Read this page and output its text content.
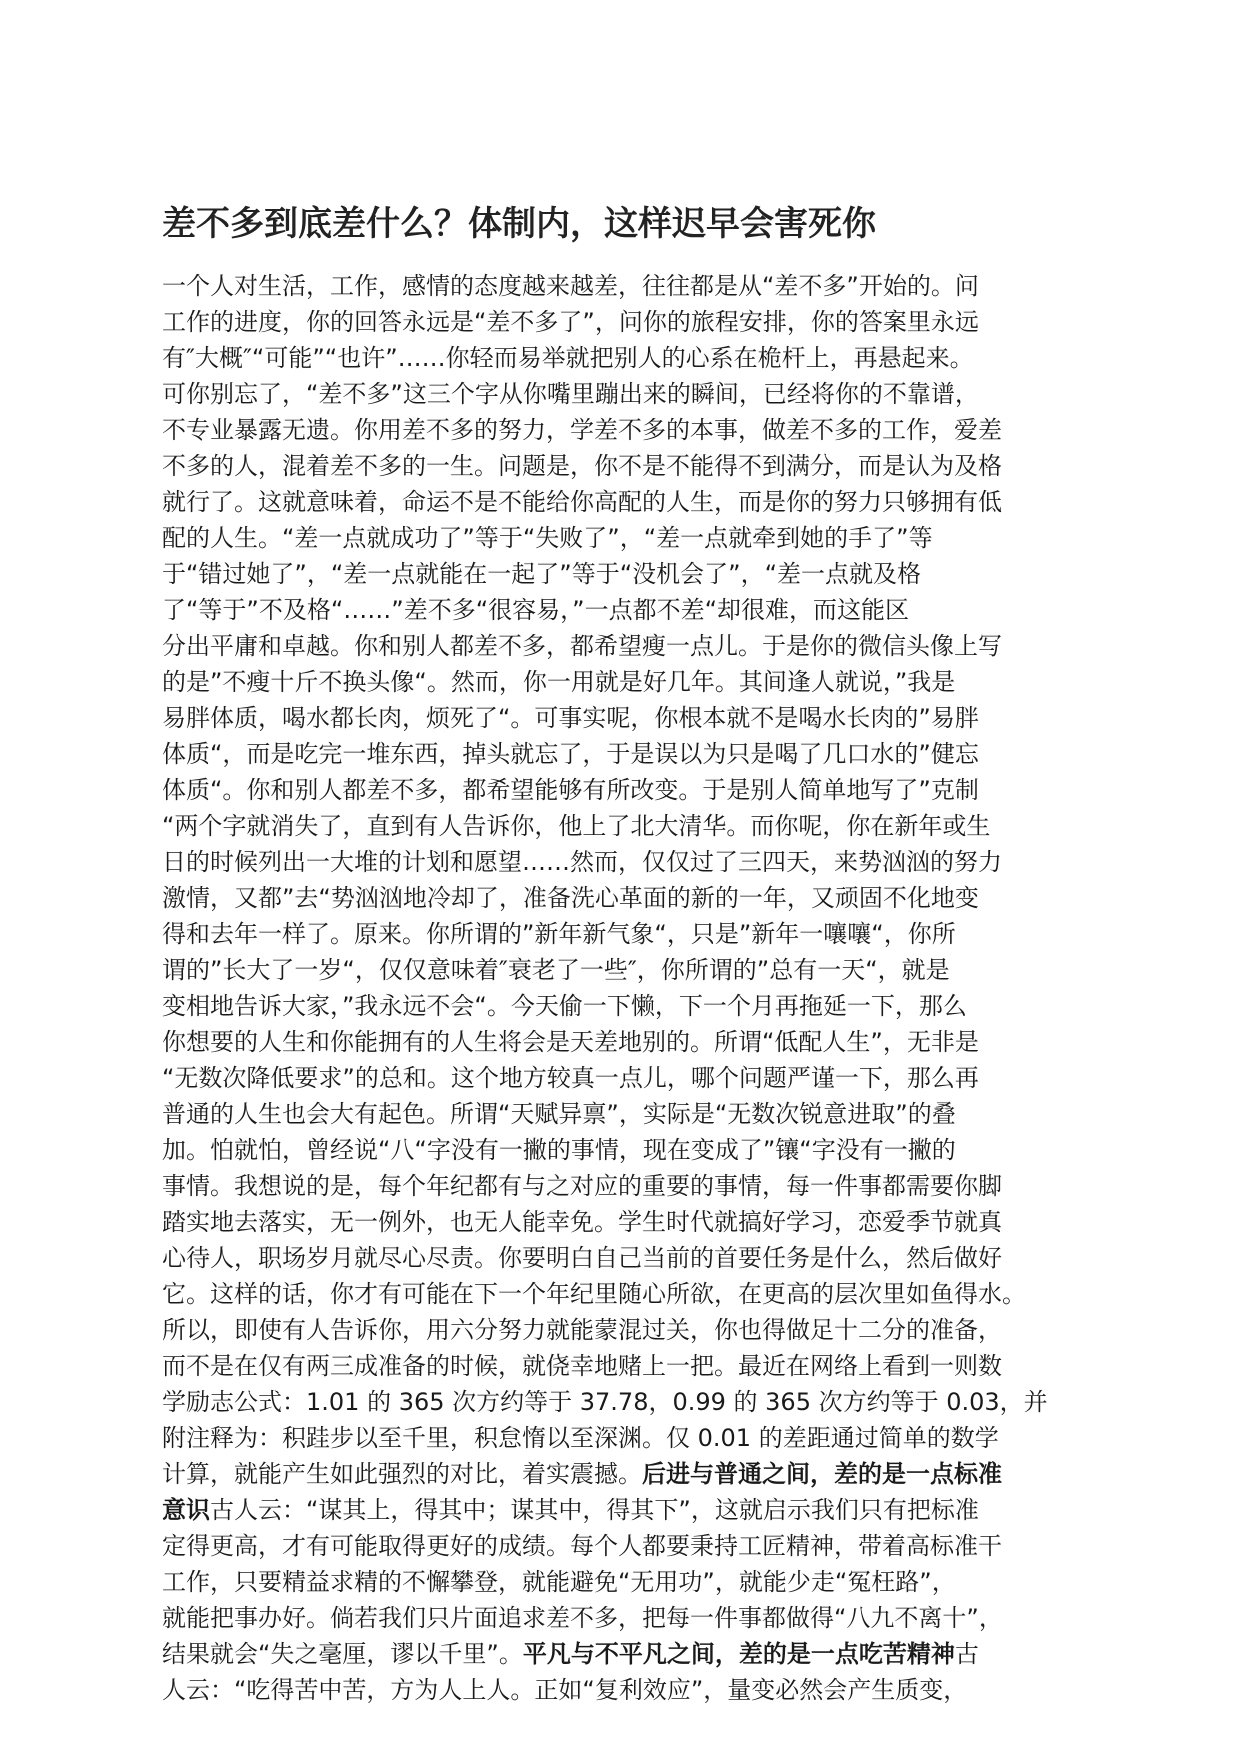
差不多到底差什么？体制内，这样迟早会害死你
一个人对生活，工作，感情的态度越来越差，往往都是从“差不多”开始的。问
工作的进度，你的回答永远是“差不多了”，问你的旅程安排，你的答案里永远
有″大概″“可能”“也许”……你轻而易举就把别人的心系在桅杆上，再悬起来。
可你别忘了，“差不多”这三个字从你嘴里蹦出来的瞬间，已经将你的不靠谱，
不专业暴露无遗。你用差不多的努力，学差不多的本事，做差不多的工作，爱差
不多的人，混着差不多的一生。问题是，你不是不能得不到满分，而是认为及格
就行了。这就意味着，命运不是不能给你高配的人生，而是你的努力只够拥有低
配的人生。“差一点就成功了”等于“失败了”，“差一点就牵到她的手了”等
于“错过她了”，“差一点就能在一起了”等于“没机会了”，“差一点就及格
了“等于”不及格“……”差不多“很容易，”一点都不差“却很难，而这能区
分出平庸和卓越。你和别人都差不多，都希望瘦一点儿。于是你的微信头像上写
的是”不瘦十斤不换头像“。然而，你一用就是好几年。其间逢人就说，”我是
易胖体质，喝水都长肉，烦死了“。可事实呢，你根本就不是喝水长肉的”易胖
体质“，而是吃完一堆东西，掉头就忘了，于是误以为只是喝了几口水的”健忘
体质“。你和别人都差不多，都希望能够有所改变。于是别人简单地写了”克制
“两个字就消失了，直到有人告诉你，他上了北大清华。而你呢，你在新年或生
日的时候列出一大堆的计划和愿望……然而，仅仅过了三四天，来势汹汹的努力
激情，又都”去“势汹汹地冷却了，准备洗心革面的新的一年，又顽固不化地变
得和去年一样了。原来。你所谓的”新年新气象“，只是”新年一嚷嚷“，你所
谓的”长大了一岁“，仅仅意味着″衰老了一些″，你所谓的”总有一天“，就是
变相地告诉大家，”我永远不会“。今天偷一下懒，下一个月再拖延一下，那么
你想要的人生和你能拥有的人生将会是天差地别的。所谓“低配人生”，无非是
“无数次降低要求”的总和。这个地方较真一点儿，哪个问题严谨一下，那么再
普通的人生也会大有起色。所谓“天赋异禀”，实际是“无数次锐意进取”的叠
加。怕就怕，曾经说“八“字没有一撇的事情，现在变成了”镶“字没有一撇的
事情。我想说的是，每个年纪都有与之对应的重要的事情，每一件事都需要你脚
踏实地去落实，无一例外，也无人能幸免。学生时代就搞好学习，恋爱季节就真
心待人，职场岁月就尽心尽责。你要明白自己当前的首要任务是什么，然后做好
它。这样的话，你才有可能在下一个年纪里随心所欲，在更高的层次里如鱼得水。
所以，即使有人告诉你，用六分努力就能蒙混过关，你也得做足十二分的准备，
而不是在仅有两三成准备的时候，就侥幸地赌上一把。最近在网络上看到一则数
学励志公式：1.01 的 365 次方约等于 37.78，0.99 的 365 次方约等于 0.03，并
附注释为：积跬步以至千里，积怠惰以至深渊。仅 0.01 的差距通过简单的数学
计算，就能产生如此强烈的对比，着实震撼。后进与普通之间，差的是一点标准
意识古人云：“谋其上，得其中；谋其中，得其下”，这就启示我们只有把标准
定得更高，才有可能取得更好的成绩。每个人都要秉持工匠精神，带着高标准干
工作，只要精益求精的不懈攀登，就能避免“无用功”，就能少走“冤枉路”，
就能把事办好。倘若我们只片面追求差不多，把每一件事都做得“八九不离十”，
结果就会“失之毫厘，谬以千里”。平凡与不平凡之间，差的是一点吃苦精神古
人云：“吃得苦中苦，方为人上人。正如“复利效应”，量变必然会产生质变，
